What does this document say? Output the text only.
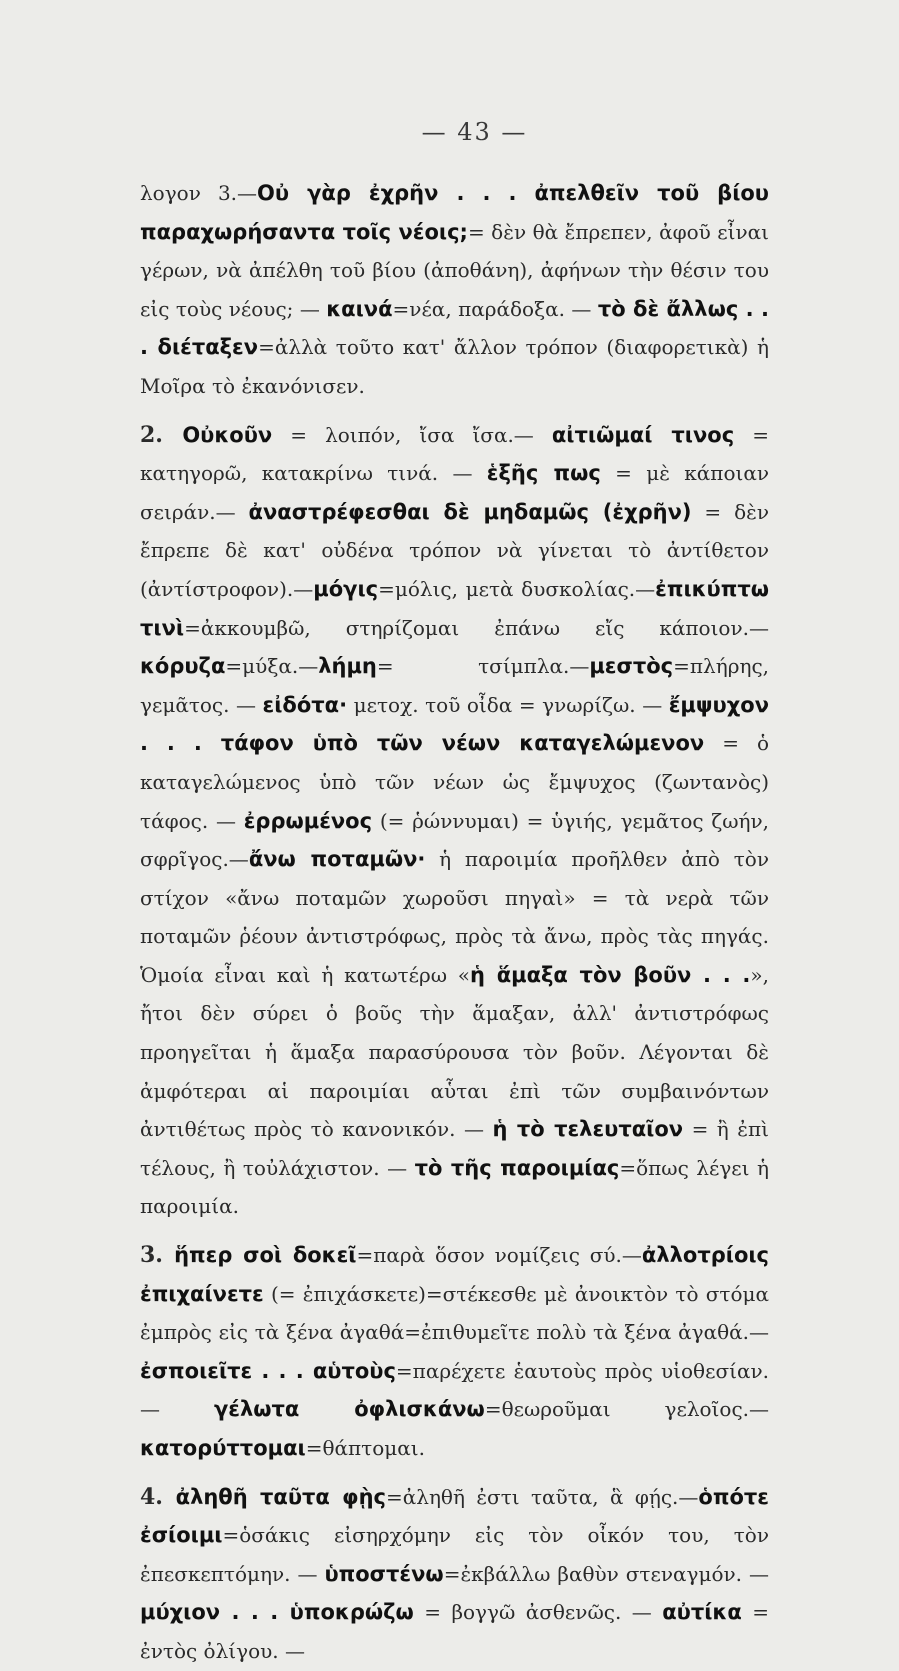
— 43 —

λογον 3.—Οὐ γὰρ ἐχρῆν . . . ἀπελθεῖν τοῦ βίου παραχωρήσαντα τοῖς νέοις;= δὲν θὰ ἔπρεπεν, ἀφοῦ εἶναι γέρων, νὰ ἀπέλθη τοῦ βίου (ἀποθάνη), ἀφήνων τὴν θέσιν του εἰς τοὺς νέους; — καινά=νέα, παράδοξα. — τὸ δὲ ἄλλως . . . διέταξεν=ἀλλὰ τοῦτο κατ' ἄλλον τρόπον (διαφορετικὰ) ἡ Μοῖρα τὸ ἐκανόνισεν.

2. Οὐκοῦν = λοιπόν, ἴσα ἴσα.— αἰτιῶμαί τινος = κατηγορῶ, κατακρίνω τινά. — ἑξῆς πως = μὲ κάποιαν σειράν.— ἀναστρέφεσθαι δὲ μηδαμῶς (ἐχρῆν) = δὲν ἔπρεπε δὲ κατ' οὐδένα τρόπον νὰ γίνεται τὸ ἀντίθετον (ἀντίστροφον).—μόγις=μόλις, μετὰ δυσκολίας.—ἐπικύπτω τινὶ=ἀκκουμβῶ, στηρίζομαι ἐπάνω εἴς κάποιον.—κόρυζα=μύξα.—λήμη= τσίμπλα.—μεστὸς=πλήρης, γεμᾶτος. — εἰδότα· μετοχ. τοῦ οἶδα = γνωρίζω. — ἔμψυχον . . . τάφον ὑπὸ τῶν νέων καταγελώμενον = ὁ καταγελώμενος ὑπὸ τῶν νέων ὡς ἔμψυχος (ζωντανὸς) τάφος. — ἐρρωμένος (= ῥώννυμαι) = ὑγιής, γεμᾶτος ζωήν, σφρῖγος.—ἄνω ποταμῶν· ἡ παροιμία προῆλθεν ἀπὸ τὸν στίχον «ἄνω ποταμῶν χωροῦσι πηγαὶ» = τὰ νερὰ τῶν ποταμῶν ῥέουν ἀντιστρόφως, πρὸς τὰ ἄνω, πρὸς τὰς πηγάς. Ὁμοία εἶναι καὶ ἡ κατωτέρω «ἡ ἅμαξα τὸν βοῦν . . .», ἤτοι δὲν σύρει ὁ βοῦς τὴν ἅμαξαν, ἀλλ' ἀντιστρόφως προηγεῖται ἡ ἅμαξα παρασύρουσα τὸν βοῦν. Λέγονται δὲ ἀμφότεραι αἱ παροιμίαι αὗται ἐπὶ τῶν συμβαινόντων ἀντιθέτως πρὸς τὸ κανονικόν. — ἡ τὸ τελευταῖον = ἢ ἐπὶ τέλους, ἢ τοὐλάχιστον. — τὸ τῆς παροιμίας=ὅπως λέγει ἡ παροιμία.

3. ἥπερ σοὶ δοκεῖ=παρὰ ὅσον νομίζεις σύ.—ἀλλοτρίοις ἐπιχαίνετε (= ἐπιχάσκετε)=στέκεσθε μὲ ἀνοικτὸν τὸ στόμα ἐμπρὸς εἰς τὰ ξένα ἀγαθά=ἐπιθυμεῖτε πολὺ τὰ ξένα ἀγαθά.— ἐσποιεῖτε . . . αὑτοὺς=παρέχετε ἑαυτοὺς πρὸς υἱοθεσίαν. — γέλωτα ὀφλισκάνω=θεωροῦμαι γελοῖος.—κατορύττομαι=θάπτομαι.

4. ἀληθῆ ταῦτα φῂς=ἀληθῆ ἐστι ταῦτα, ἃ φῄς.—ὁπότε ἐσίοιμι=ὁσάκις εἰσηρχόμην εἰς τὸν οἶκόν του, τὸν ἐπεσκεπτόμην. — ὑποστένω=ἐκβάλλω βαθὺν στεναγμόν. — μύχιον . . . ὑποκρώζω = βογγῶ ἀσθενῶς. — αὐτίκα = ἐντὸς ὀλίγου. —
